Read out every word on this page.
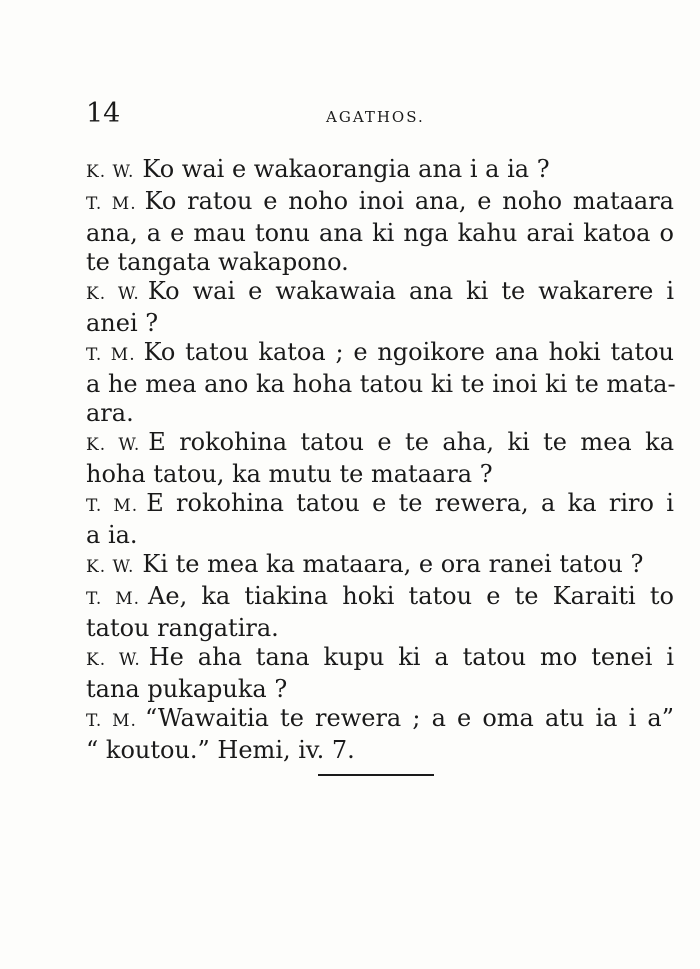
14	AGATHOS.

K. W. Ko wai e wakaorangia ana i a ia ?

T. M. Ko ratou e noho inoi ana, e noho mataara

ana, a e mau tonu ana ki nga kahu arai katoa o

te tangata wakapono.

K. W. Ko wai e wakawaia ana ki te wakarere i

anei ?

T. M. Ko tatou katoa ; e ngoikore ana hoki tatou

a he mea ano ka hoha tatou ki te inoi ki te mata-

ara.

K. W. E rokohina tatou e te aha, ki te mea ka

hoha tatou, ka mutu te mataara ?

T. M. E rokohina tatou e te rewera, a ka riro i

a ia.

K. W. Ki te mea ka mataara, e ora ranei tatou ?

T. M. Ae, ka tiakina hoki tatou e te Karaiti to

tatou rangatira.

K. W. He aha tana kupu ki a tatou mo tenei i

tana pukapuka ?

T. M. “Wawaitia te rewera ; a e oma atu ia i a”

“ koutou.” Hemi, iv. 7.
